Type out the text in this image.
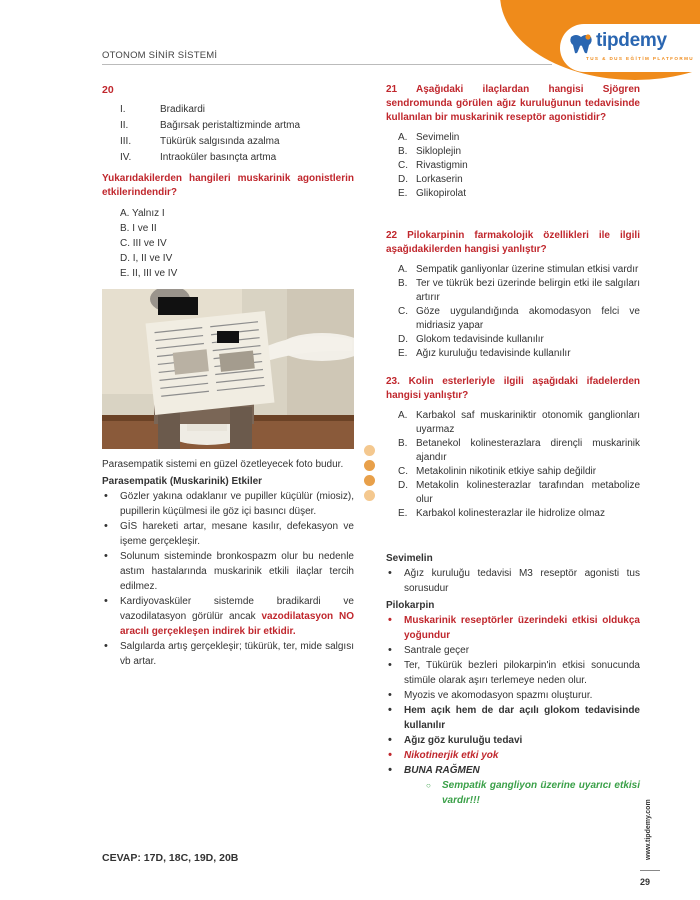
tipdemy
TUS & DUS EĞİTİM PLATFORMU
OTONOM SİNİR SİSTEMİ
20
I.	Bradikardi
II.	Bağırsak peristaltizminde artma
III.	Tükürük salgısında azalma
IV.	Intraoküler basınçta artma
Yukarıdakilerden hangileri muskarinik agonistlerin etkilerindendir?
A. Yalnız I
B. I ve II
C. III ve IV
D. I, II ve IV
E. II, III ve IV
Parasempatik sistemi en güzel özetleyecek foto budur.
Parasempatik (Muskarinik) Etkiler
• Gözler yakına odaklanır ve pupiller küçülür (miosiz), pupillerin küçülmesi ile göz içi basıncı düşer.
• GİS hareketi artar, mesane kasılır, defekasyon ve işeme gerçekleşir.
• Solunum sisteminde bronkospazm olur bu nedenle astım hastalarında muskarinik etkili ilaçlar tercih edilmez.
• Kardiyovasküler sistemde bradikardi ve vazodilatasyon görülür ancak vazodilatasyon NO aracılı gerçekleşen indirek bir etkidir.
• Salgılarda artış gerçekleşir; tükürük, ter, mide salgısı vb artar.
CEVAP: 17D, 18C, 19D, 20B
21 Aşağıdaki ilaçlardan hangisi Sjögren sendromunda görülen ağız kuruluğunun tedavisinde kullanılan bir muskarinik reseptör agonistidir?
A. Sevimelin
B. Sikloplejin
C. Rivastigmin
D. Lorkaserin
E. Glikopirolat
22 Pilokarpinin farmakolojik özellikleri ile ilgili aşağıdakilerden hangisi yanlıştır?
A. Sempatik ganliyonlar üzerine stimulan etkisi vardır
B. Ter ve tükrük bezi üzerinde belirgin etki ile salgıları artırır
C. Göze uygulandığında akomodasyon felci ve midriasiz yapar
D. Glokom tedavisinde kullanılır
E. Ağız kuruluğu tedavisinde kullanılır
23. Kolin esterleriyle ilgili aşağıdaki ifadelerden hangisi yanlıştır?
A. Karbakol saf muskariniktir otonomik ganglionları uyarmaz
B. Betanekol kolinesterazlara dirençli muskarinik ajandır
C. Metakolinin nikotinik etkiye sahip değildir
D. Metakolin kolinesterazlar tarafından metabolize olur
E. Karbakol kolinesterazlar ile hidrolize olmaz
Sevimelin
• Ağız kuruluğu tedavisi M3 reseptör agonisti tus sorusudur
Pilokarpin
• Muskarinik reseptörler üzerindeki etkisi oldukça yoğundur
• Santrale geçer
• Ter, Tükürük bezleri pilokarpin'in etkisi sonucunda stimüle olarak aşırı terlemeye neden olur.
• Myozis ve akomodasyon spazmı oluşturur.
• Hem açık hem de dar açılı glokom tedavisinde kullanılır
• Ağız göz kuruluğu tedavi
• Nikotinerjik etki yok
• BUNA RAĞMEN
○ Sempatik gangliyon üzerine uyarıcı etkisi vardır!!!	www.tipdemy.com
29
